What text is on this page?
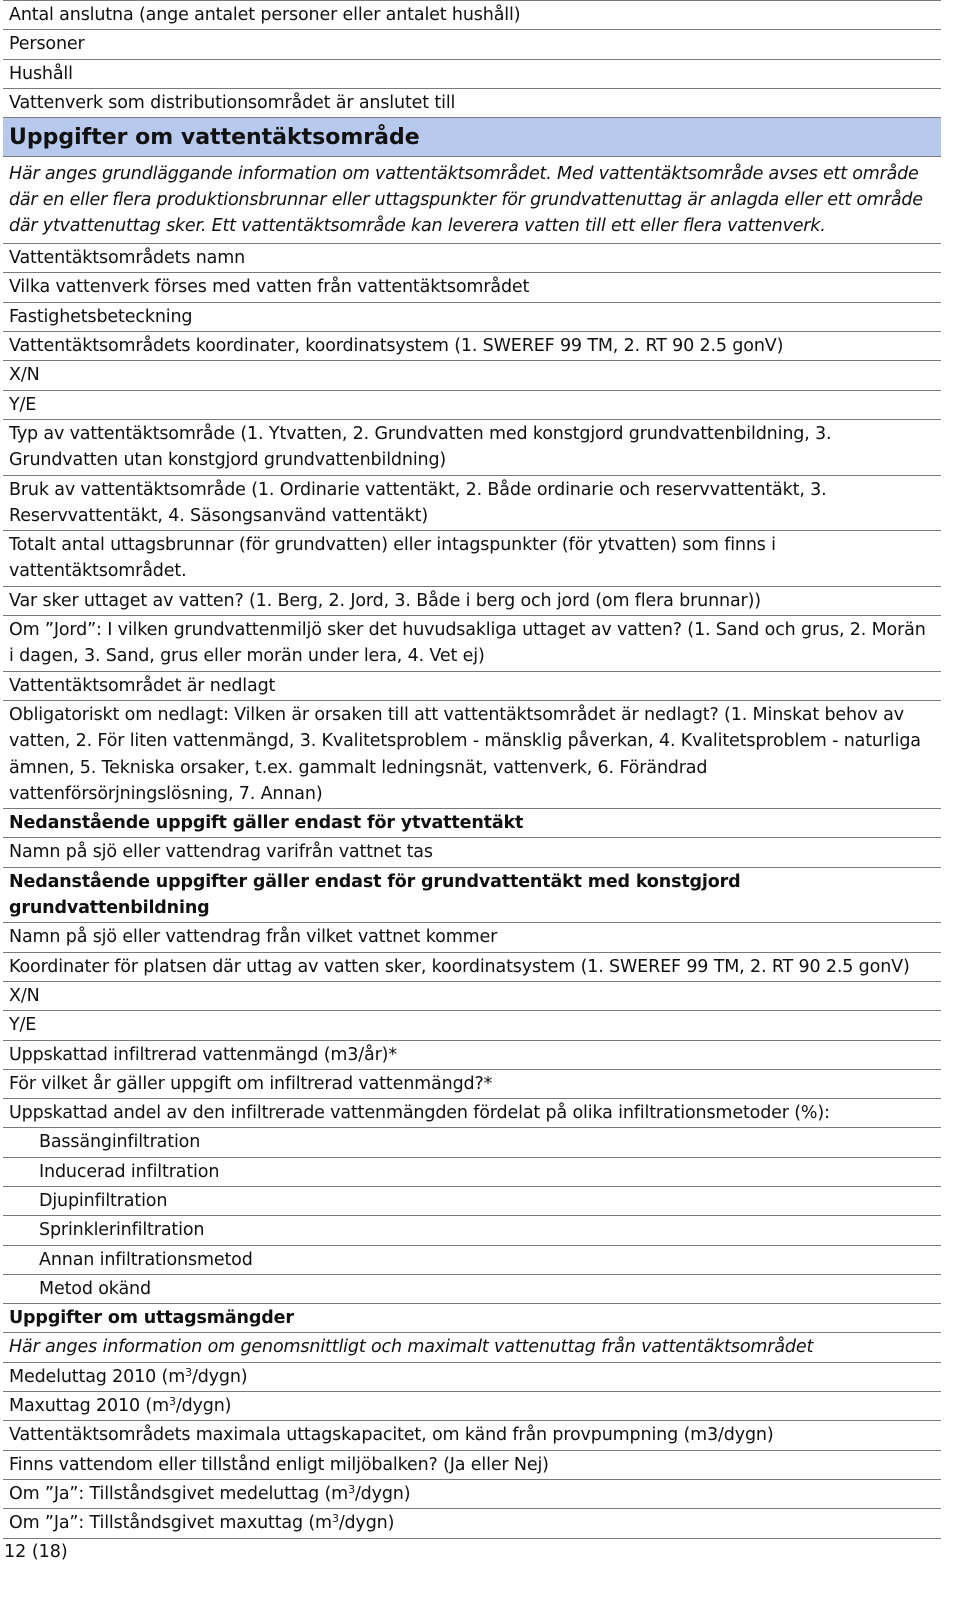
Antal anslutna (ange antalet personer eller antalet hushåll)
Personer
Hushåll
Vattenverk som distributionsområdet är anslutet till
Uppgifter om vattentäktsområde
Här anges grundläggande information om vattentäktsområdet. Med vattentäktsområde avses ett område där en eller flera produktionsbrunnar eller uttagspunkter för grundvattenuttag är anlagda eller ett område där ytvattenuttag sker. Ett vattentäktsområde kan leverera vatten till ett eller flera vattenverk.
Vattentäktsområdets namn
Vilka vattenverk förses med vatten från vattentäktsområdet
Fastighetsbeteckning
Vattentäktsområdets koordinater, koordinatsystem (1. SWEREF 99 TM, 2. RT 90 2.5 gonV)
X/N
Y/E
Typ av vattentäktsområde (1. Ytvatten, 2. Grundvatten med konstgjord grundvattenbildning, 3. Grundvatten utan konstgjord grundvattenbildning)
Bruk av vattentäktsområde (1. Ordinarie vattentäkt, 2. Både ordinarie och reservvattentäkt, 3. Reservvattentäkt, 4. Säsongsanvänd vattentäkt)
Totalt antal uttagsbrunnar (för grundvatten) eller intagspunkter (för ytvatten) som finns i vattentäktsområdet.
Var sker uttaget av vatten? (1. Berg, 2. Jord, 3. Både i berg och jord (om flera brunnar))
Om ”Jord”: I vilken grundvattenmiljö sker det huvudsakliga uttaget av vatten? (1. Sand och grus, 2. Morän i dagen, 3. Sand, grus eller morän under lera, 4. Vet ej)
Vattentäktsområdet är nedlagt
Obligatoriskt om nedlagt: Vilken är orsaken till att vattentäktsområdet är nedlagt? (1. Minskat behov av vatten, 2. För liten vattenmängd, 3. Kvalitetsproblem - mänsklig påverkan, 4. Kvalitetsproblem - naturliga ämnen, 5. Tekniska orsaker, t.ex. gammalt ledningsnät, vattenverk, 6. Förändrad vattenförsörjningslösning, 7. Annan)
Nedanstående uppgift gäller endast för ytvattentäkt
Namn på sjö eller vattendrag varifrån vattnet tas
Nedanstående uppgifter gäller endast för grundvattentäkt med konstgjord grundvattenbildning
Namn på sjö eller vattendrag från vilket vattnet kommer
Koordinater för platsen där uttag av vatten sker, koordinatsystem (1. SWEREF 99 TM, 2. RT 90 2.5 gonV)
X/N
Y/E
Uppskattad infiltrerad vattenmängd (m3/år)*
För vilket år gäller uppgift om infiltrerad vattenmängd?*
Uppskattad andel av den infiltrerade vattenmängden fördelat på olika infiltrationsmetoder (%):
Bassänginfiltration
Inducerad infiltration
Djupinfiltration
Sprinklerinfiltration
Annan infiltrationsmetod
Metod okänd
Uppgifter om uttagsmängder
Här anges information om genomsnittligt och maximalt vattenuttag från vattentäktsområdet
Medeluttag 2010 $(m^3/dygn)$
Maxuttag 2010 $(m^3/dygn)$
Vattentäktsområdets maximala uttagskapacitet, om känd från provpumpning (m3/dygn)
Finns vattendom eller tillstånd enligt miljöbalken? (Ja eller Nej)
Om ”Ja”: Tillståndsgivet medeluttag $(m^3/dygn)$
Om ”Ja”: Tillståndsgivet maxuttag $(m^3/dygn)$
12 (18)
